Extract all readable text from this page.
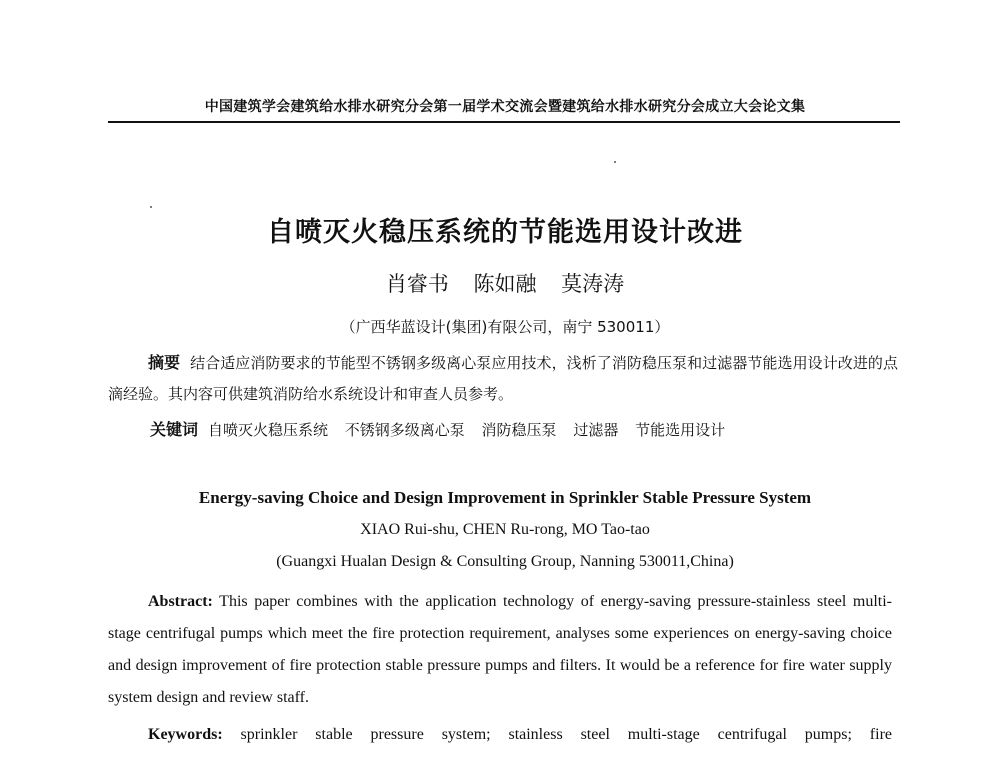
中国建筑学会建筑给水排水研究分会第一届学术交流会暨建筑给水排水研究分会成立大会论文集
自喷灭火稳压系统的节能选用设计改进
肖睿书 陈如融 莫涛涛
（广西华蓝设计(集团)有限公司，南宁 530011）
摘要 结合适应消防要求的节能型不锈钢多级离心泵应用技术，浅析了消防稳压泵和过滤器节能选用设计改进的点滴经验。其内容可供建筑消防给水系统设计和审查人员参考。
关键词 自喷灭火稳压系统 不锈钢多级离心泵 消防稳压泵 过滤器 节能选用设计
Energy-saving Choice and Design Improvement in Sprinkler Stable Pressure System
XIAO Rui-shu, CHEN Ru-rong, MO Tao-tao
(Guangxi Hualan Design & Consulting Group, Nanning 530011,China)
Abstract: This paper combines with the application technology of energy-saving pressure-stainless steel multi-stage centrifugal pumps which meet the fire protection requirement, analyses some experiences on energy-saving choice and design improvement of fire protection stable pressure pumps and filters. It would be a reference for fire water supply system design and review staff.
Keywords: sprinkler stable pressure system; stainless steel multi-stage centrifugal pumps; fire
